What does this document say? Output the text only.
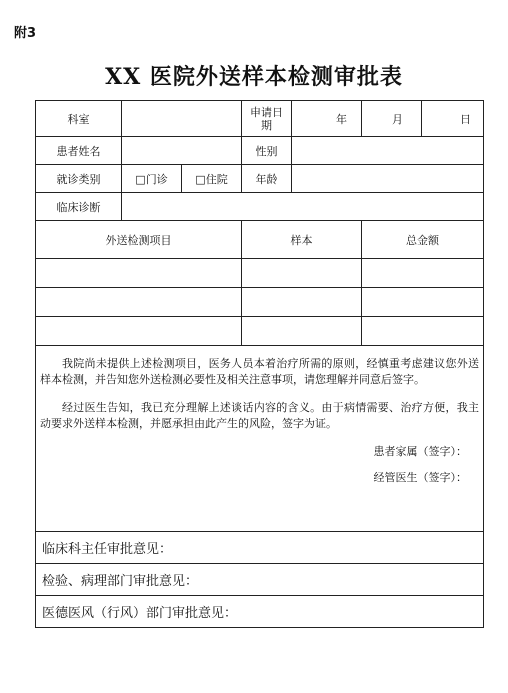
附3
XX 医院外送样本检测审批表
科室			申请日期	年	月	日
患者姓名			性别			
就诊类别	□门诊	□住院	年龄			
临床诊断						
外送检测项目			样本		总金额	

我院尚未提供上述检测项目，医务人员本着治疗所需的原则，经慎重考虑建议您外送样本检测，并告知您外送检测必要性及相关注意事项，请您理解并同意后签字。

经过医生告知，我已充分理解上述谈话内容的含义。由于病情需要、治疗方便，我主动要求外送样本检测，并愿承担由此产生的风险，签字为证。

患者家属（签字）：
经管医生（签字）：						

临床科主任审批意见：						
检验、病理部门审批意见：						
医德医风（行风）部门审批意见：						
